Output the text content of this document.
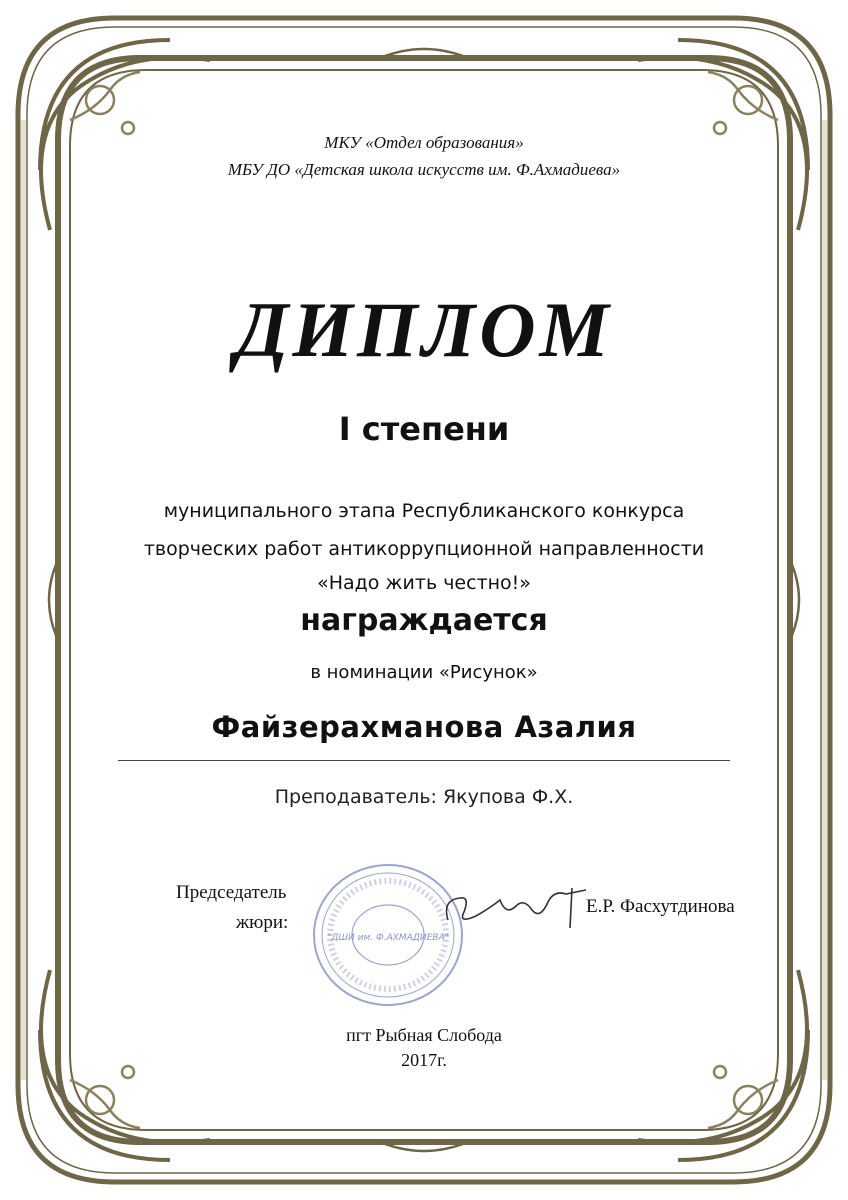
МКУ «Отдел образования»

МБУ ДО «Детская школа искусств им. Ф.Ахмадиева»

ДИПЛОМ

I степени

муниципального этапа Республиканского конкурса

творческих работ антикоррупционной направленности

«Надо жить честно!»

награждается

в номинации «Рисунок»

Файзерахманова Азалия

Преподаватель: Якупова Ф.Х.

Председатель
жюри:
"ДШИ им. Ф.АХМАДИЕВА"
Е.Р. Фасхутдинова

пгт Рыбная Слобода

2017г.
